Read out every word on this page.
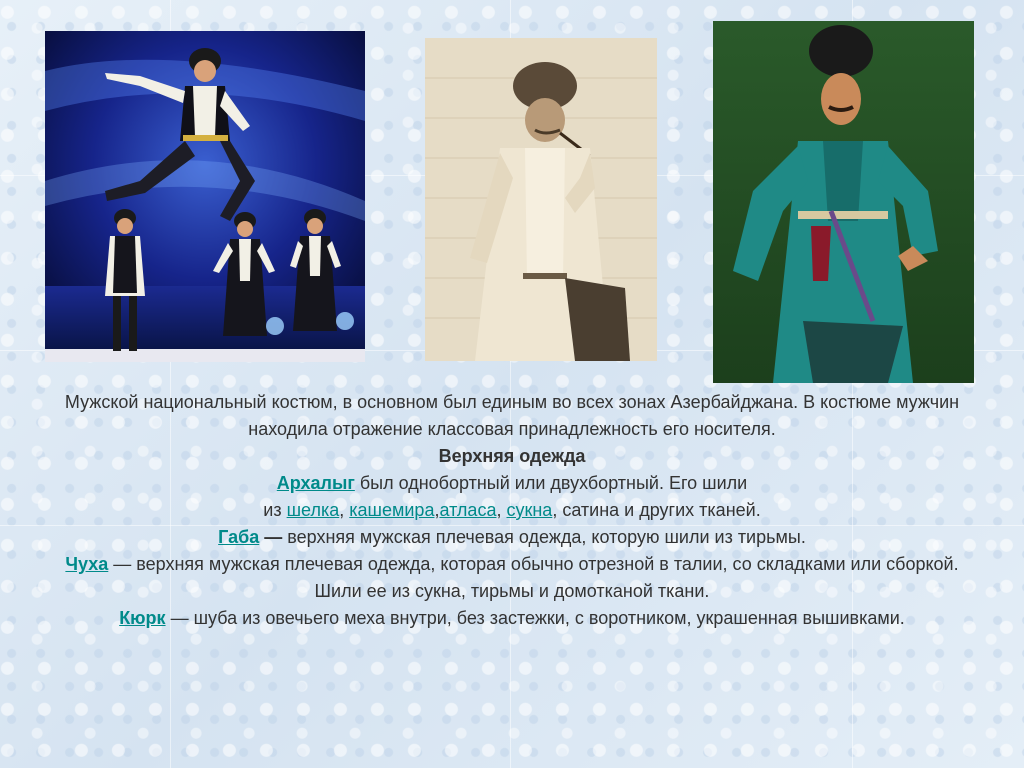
Мужской национальный костюм, в основном был единым во всех зонах Азербайджана. В костюме мужчин находила отражение классовая принадлежность его носителя.

Верхняя одежда

Архалыг был однобортный или двухбортный. Его шили
из шелка, кашемира,атласа, сукна, сатина и других тканей.

Габа — верхняя мужская плечевая одежда, которую шили из тирьмы.

Чуха — верхняя мужская плечевая одежда, которая обычно отрезной в талии, со складками или сборкой. Шили ее из сукна, тирьмы и домотканой ткани.

Кюрк — шуба из овечьего меха внутри, без застежки, с воротником, украшенная вышивками.
